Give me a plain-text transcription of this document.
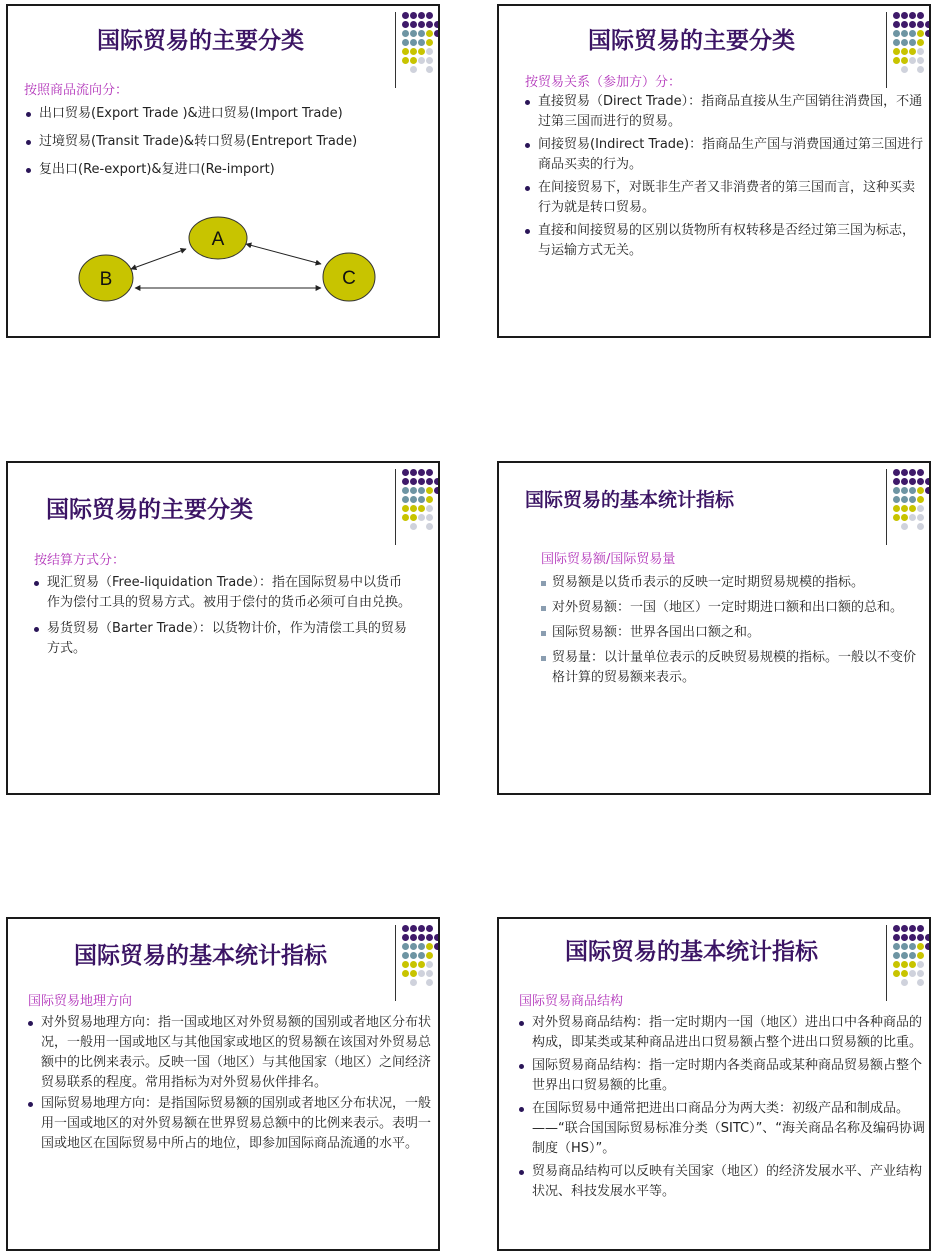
国际贸易的主要分类
按照商品流向分：
出口贸易(Export Trade )&进口贸易(Import Trade)
过境贸易(Transit Trade)&转口贸易(Entreport Trade)
复出口(Re-export)&复进口(Re-import)
A
B	C
国际贸易的主要分类
按贸易关系（参加方）分：
直接贸易（Direct Trade）：指商品直接从生产国销往消费国，不通过第三国而进行的贸易。
间接贸易(Indirect Trade)：指商品生产国与消费国通过第三国进行商品买卖的行为。
在间接贸易下，对既非生产者又非消费者的第三国而言，这种买卖行为就是转口贸易。
直接和间接贸易的区别以货物所有权转移是否经过第三国为标志，与运输方式无关。
国际贸易的主要分类
按结算方式分：
现汇贸易（Free-liquidation Trade）：指在国际贸易中以货币作为偿付工具的贸易方式。被用于偿付的货币必须可自由兑换。
易货贸易（Barter Trade）：以货物计价，作为清偿工具的贸易方式。
国际贸易的基本统计指标
国际贸易额/国际贸易量
贸易额是以货币表示的反映一定时期贸易规模的指标。
对外贸易额：一国（地区）一定时期进口额和出口额的总和。
国际贸易额：世界各国出口额之和。
贸易量：以计量单位表示的反映贸易规模的指标。一般以不变价格计算的贸易额来表示。
国际贸易的基本统计指标
国际贸易地理方向
对外贸易地理方向：指一国或地区对外贸易额的国别或者地区分布状况，一般用一国或地区与其他国家或地区的贸易额在该国对外贸易总额中的比例来表示。反映一国（地区）与其他国家（地区）之间经济贸易联系的程度。常用指标为对外贸易伙伴排名。
国际贸易地理方向：是指国际贸易额的国别或者地区分布状况，一般用一国或地区的对外贸易额在世界贸易总额中的比例来表示。表明一国或地区在国际贸易中所占的地位，即参加国际商品流通的水平。
国际贸易的基本统计指标
国际贸易商品结构
对外贸易商品结构：指一定时期内一国（地区）进出口中各种商品的构成，即某类或某种商品进出口贸易额占整个进出口贸易额的比重。
国际贸易商品结构：指一定时期内各类商品或某种商品贸易额占整个世界出口贸易额的比重。
在国际贸易中通常把进出口商品分为两大类：初级产品和制成品。——“联合国国际贸易标准分类（SITC）”、“海关商品名称及编码协调制度（HS）”。
贸易商品结构可以反映有关国家（地区）的经济发展水平、产业结构状况、科技发展水平等。
